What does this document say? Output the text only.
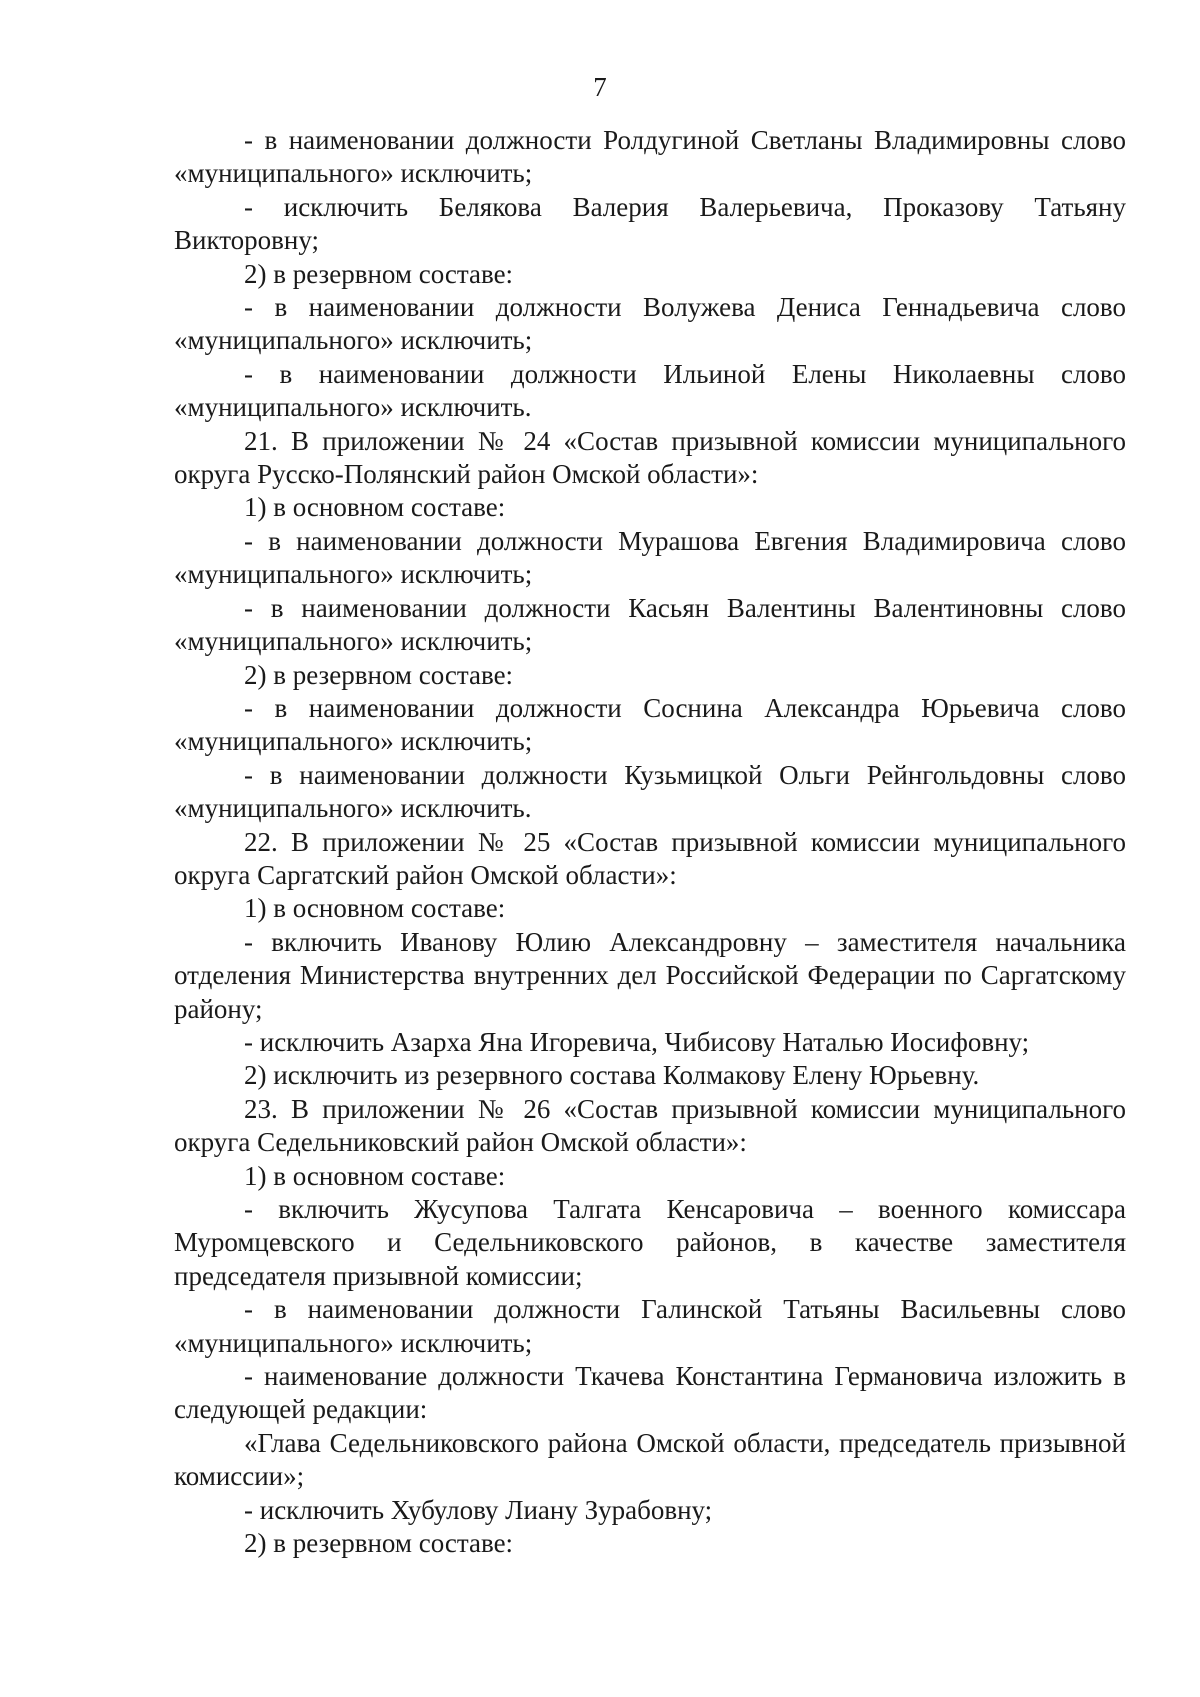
7

- в наименовании должности Ролдугиной Светланы Владимировны слово «муниципального» исключить;

- исключить Белякова Валерия Валерьевича, Проказову Татьяну Викторовну;

2) в резервном составе:

- в наименовании должности Волужева Дениса Геннадьевича слово «муниципального» исключить;

- в наименовании должности Ильиной Елены Николаевны слово «муниципального» исключить.

21. В приложении № 24 «Состав призывной комиссии муниципального округа Русско-Полянский район Омской области»:

1) в основном составе:

- в наименовании должности Мурашова Евгения Владимировича слово «муниципального» исключить;

- в наименовании должности Касьян Валентины Валентиновны слово «муниципального» исключить;

2) в резервном составе:

- в наименовании должности Соснина Александра Юрьевича слово «муниципального» исключить;

- в наименовании должности Кузьмицкой Ольги Рейнгольдовны слово «муниципального» исключить.

22. В приложении № 25 «Состав призывной комиссии муниципального округа Саргатский район Омской области»:

1) в основном составе:

- включить Иванову Юлию Александровну – заместителя начальника отделения Министерства внутренних дел Российской Федерации по Саргатскому району;

- исключить Азарха Яна Игоревича, Чибисову Наталью Иосифовну;

2) исключить из резервного состава Колмакову Елену Юрьевну.

23. В приложении № 26 «Состав призывной комиссии муниципального округа Седельниковский район Омской области»:

1) в основном составе:

- включить Жусупова Талгата Кенсаровича – военного комиссара Муромцевского и Седельниковского районов, в качестве заместителя председателя призывной комиссии;

- в наименовании должности Галинской Татьяны Васильевны слово «муниципального» исключить;

- наименование должности Ткачева Константина Германовича изложить в следующей редакции:

«Глава Седельниковского района Омской области, председатель призывной комиссии»;

- исключить Хубулову Лиану Зурабовну;

2) в резервном составе:
